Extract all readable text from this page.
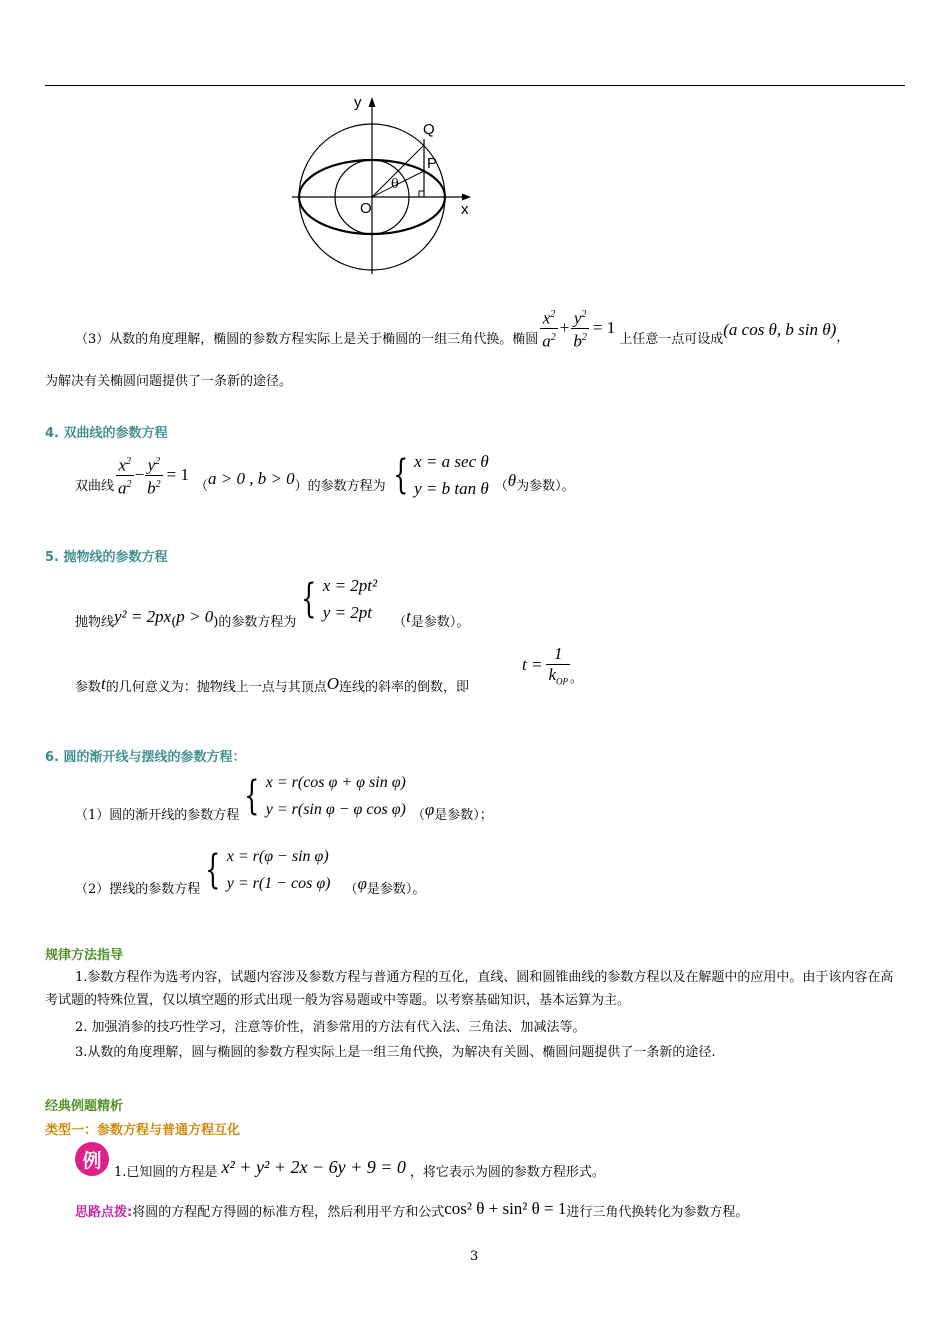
y
Q
P
θ
O	x
（3）从数的角度理解，椭圆的参数方程实际上是关于椭圆的一组三角代换。椭圆 $\frac{x^2}{a^2} + \frac{y^2}{b^2} = 1$
上任意一点可设成
(a cos θ, b sin θ) ，
为解决有关椭圆问题提供了一条新的途径。
4. 双曲线的参数方程
双曲线 $\frac{x^2}{a^2} - \frac{y^2}{b^2} = 1$
（ a > 0 , b > 0 ）的参数方程为 { x = a sec θ
y = b tan θ （ θ 为参数）。
5. 抛物线的参数方程
抛物线 y² = 2px ( p > 0 )的参数方程为
{ x = 2pt²
y = 2pt
（ t 是参数）。
参数 t 的几何意义为：抛物线上一点与其顶点 O 连线的斜率的倒数，即
$t = \frac{1}{k_{OP}}$ 。
6. 圆的渐开线与摆线的参数方程：
（1）圆的渐开线的参数方程 { x = r(cos φ + φ sin φ)
y = r(sin φ − φ cos φ) （ φ 是参数）；
（2）摆线的参数方程 { x = r(φ − sin φ)
y = r(1 − cos φ) （ φ 是参数）。
规律方法指导
1.参数方程作为选考内容，试题内容涉及参数方程与普通方程的互化，直线、圆和圆锥曲线的参数方程以及在解题中的应用中。由于该内容在高考试题的特殊位置，仅以填空题的形式出现一般为容易题或中等题。以考察基础知识，基本运算为主。
2. 加强消参的技巧性学习，注意等价性，消参常用的方法有代入法、三角法、加减法等。
3.从数的角度理解，圆与椭圆的参数方程实际上是一组三角代换，为解决有关圆、椭圆问题提供了一条新的途径.
经典例题精析
类型一：参数方程与普通方程互化
例
1.已知圆的方程是 x² + y² + 2x − 6y + 9 = 0 ，将它表示为圆的参数方程形式。
思路点拨: 将圆的方程配方得圆的标准方程，然后利用平方和公式 cos² θ + sin² θ = 1 进行三角代换转化为参数方程。
3
